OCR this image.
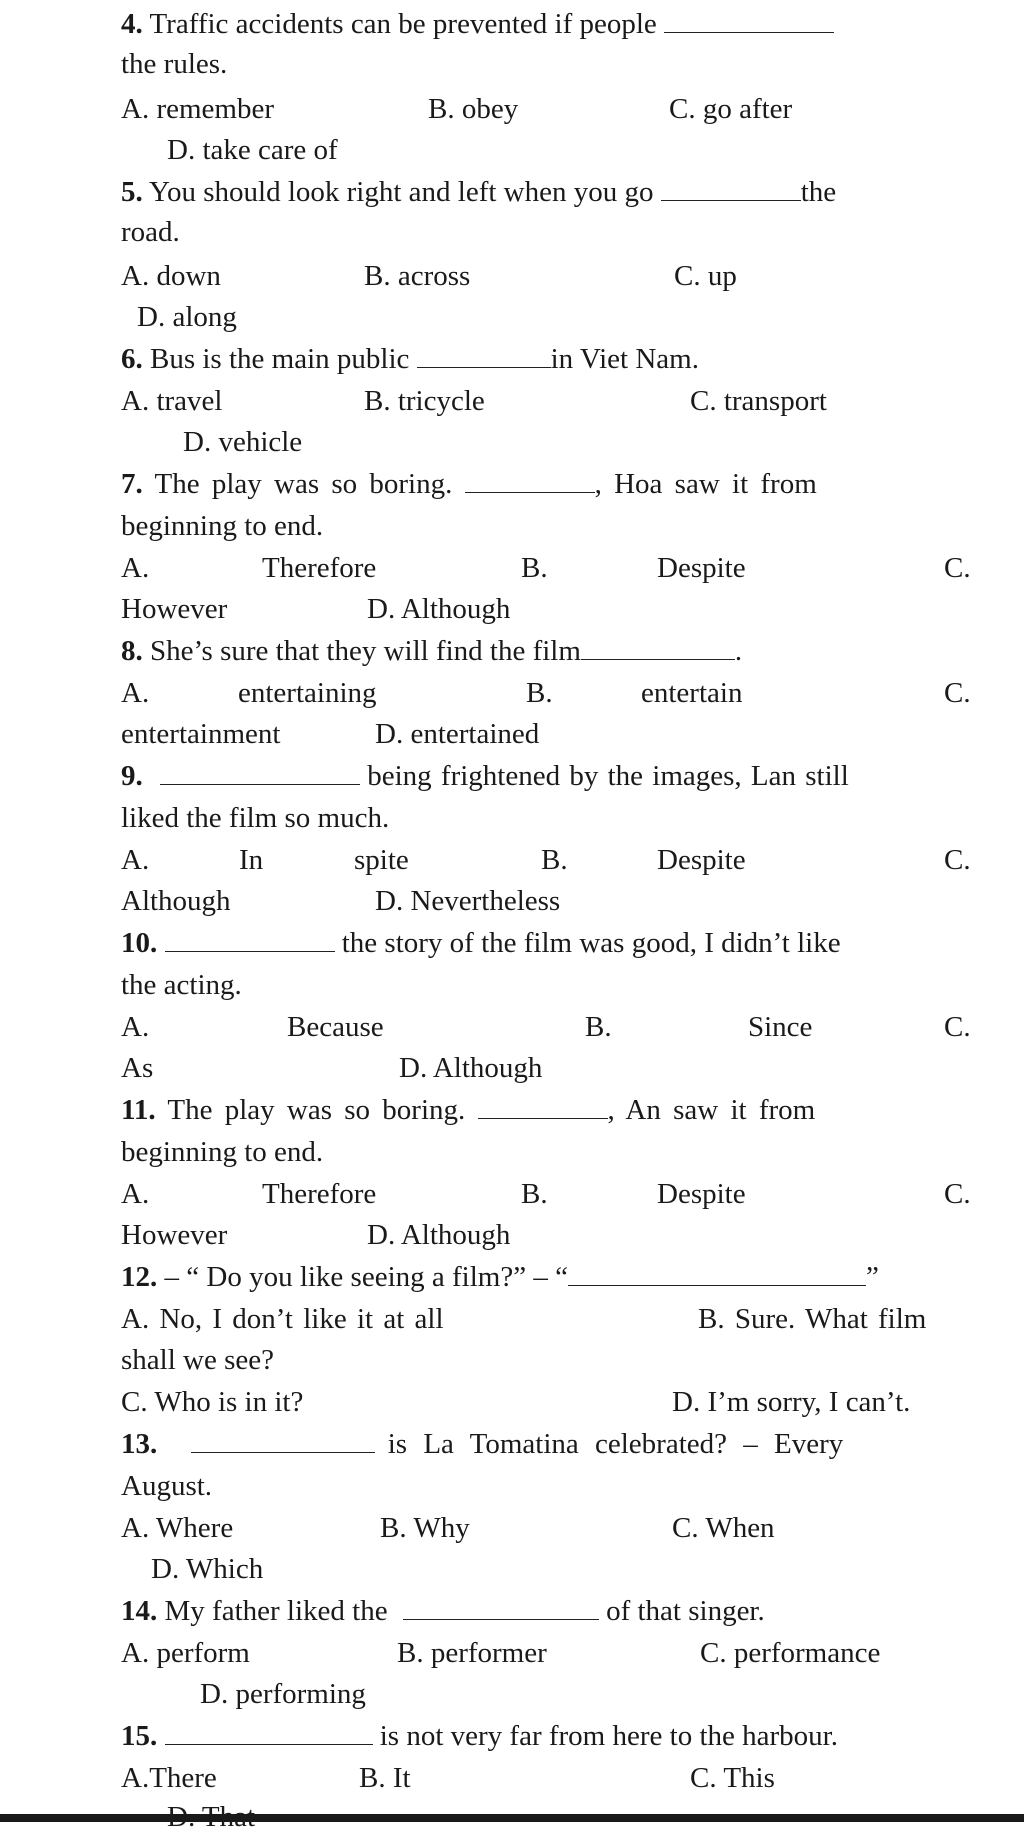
4. Traffic accidents can be prevented if people
the rules.
A. remember	B. obey	C. go after
D. take care of
5. You should look right and left when you go	the
road.
A. down	B. across	C. up
D. along
6. Bus is the main public	in Viet Nam.
A. travel	B. tricycle	C. transport
D. vehicle
7. The play was so boring.	, Hoa saw it from
beginning to end.
A.	Therefore	B.	Despite	C.
However	D. Although
8. She’s sure that they will find the film	.
A.	entertaining	B.	entertain	C.
entertainment	D. entertained
9.	being frightened by the images, Lan still
liked the film so much.
A.	In	spite	B.	Despite	C.
Although	D. Nevertheless
10.	the story of the film was good, I didn’t like
the acting.
A.	Because	B.	Since	C.
As	D. Although
11. The play was so boring.	, An saw it from
beginning to end.
A.	Therefore	B.	Despite	C.
However	D. Although
12. – “ Do you like seeing a film?” – “	”
A. No, I don’t like it at all	B. Sure. What film
shall we see?
C. Who is in it?	D. I’m sorry, I can’t.
13.	is La Tomatina celebrated? – Every
August.
A. Where	B. Why	C. When
D. Which
14. My father liked the	of that singer.
A. perform	B. performer	C. performance
D. performing
15.	is not very far from here to the harbour.
A.There	B. It	C. This
